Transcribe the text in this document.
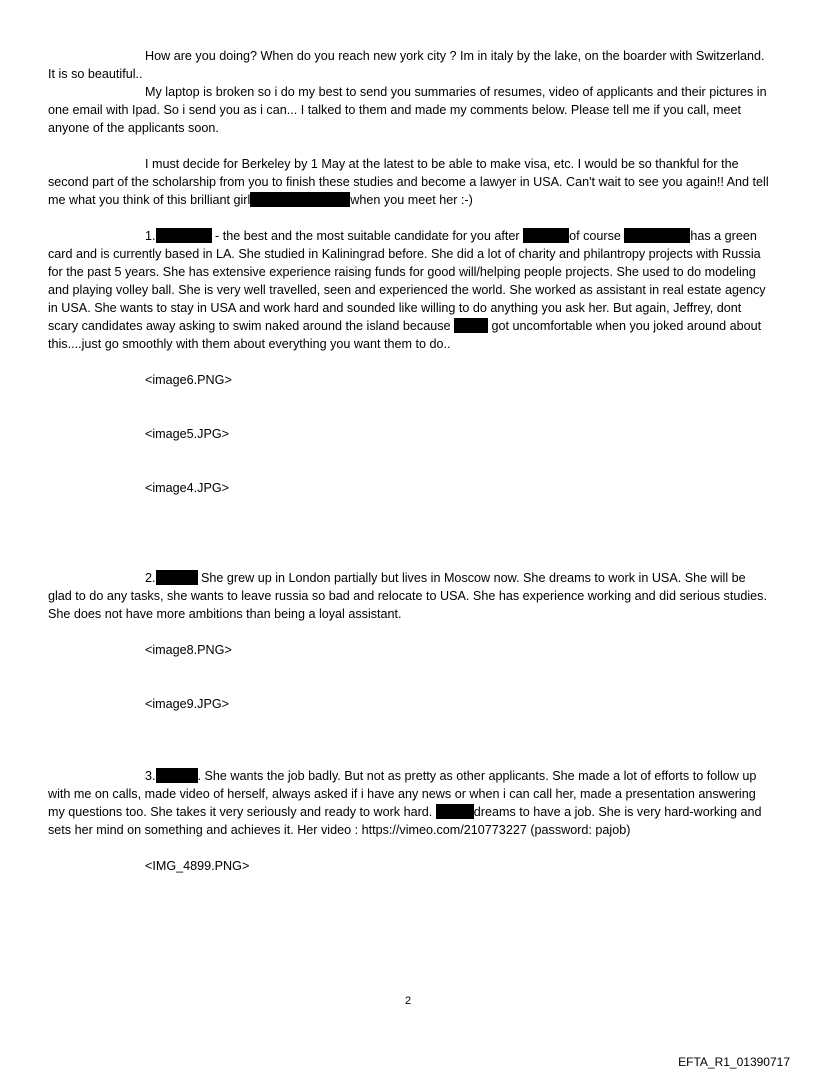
How are you doing? When do you reach new york city ? Im in italy by the lake, on the boarder with Switzerland. It is so beautiful..

My laptop is broken so i do my best to send you summaries of resumes, video of applicants and their pictures in one email with Ipad. So i send you as i can... I talked to them and made my comments below. Please tell me if you call, meet anyone of the applicants soon.

I must decide for Berkeley by 1 May at the latest to be able to make visa, etc. I would be so thankful for the second part of the scholarship from you to finish these studies and become a lawyer in USA. Can't wait to see you again!! And tell me what you think of this brilliant girl	when you meet her :-)

1.	- the best and the most suitable candidate for you after	of course	has a green card and is currently based in LA. She studied in Kaliningrad before. She did a lot of charity and philantropy projects with Russia for the past 5 years. She has extensive experience raising funds for good will/helping people projects. She used to do modeling and playing volley ball. She is very well travelled, seen and experienced the world. She worked as assistant in real estate agency in USA. She wants to stay in USA and work hard and sounded like willing to do anything you ask her. But again, Jeffrey, dont scary candidates away asking to swim naked around the island because	got uncomfortable when you joked around about this....just go smoothly with them about everything you want them to do..

<image6.PNG>

<image5.JPG>

<image4.JPG>

2.	She grew up in London partially but lives in Moscow now. She dreams to work in USA. She will be glad to do any tasks, she wants to leave russia so bad and relocate to USA. She has experience working and did serious studies. She does not have more ambitions than being a loyal assistant.

<image8.PNG>

<image9.JPG>

3.	. She wants the job badly. But not as pretty as other applicants. She made a lot of efforts to follow up with me on calls, made video of herself, always asked if i have any news or when i can call her, made a presentation answering my questions too. She takes it very seriously and ready to work hard.	dreams to have a job. She is very hard-working and sets her mind on something and achieves it. Her video : https://vimeo.com/210773227 (password: pajob)

<IMG_4899.PNG>

2
EFTA_R1_01390717
